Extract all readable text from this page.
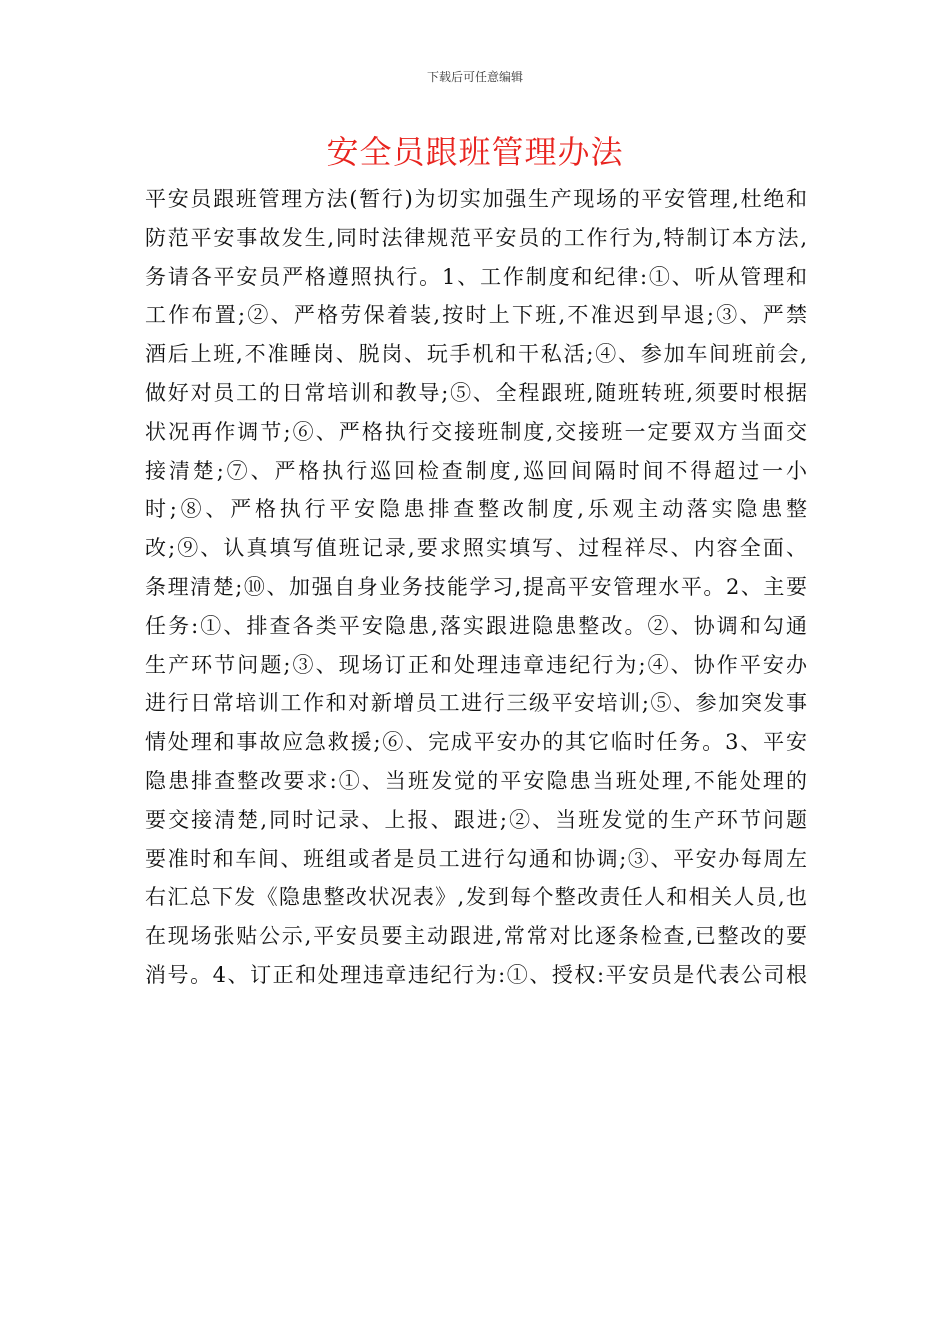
下载后可任意编辑
安全员跟班管理办法
平安员跟班管理方法(暂行)为切实加强生产现场的平安管理,杜绝和
防范平安事故发生,同时法律规范平安员的工作行为,特制订本方法,
务请各平安员严格遵照执行。1、工作制度和纪律:①、听从管理和
工作布置;②、严格劳保着装,按时上下班,不准迟到早退;③、严禁
酒后上班,不准睡岗、脱岗、玩手机和干私活;④、参加车间班前会,
做好对员工的日常培训和教导;⑤、全程跟班,随班转班,须要时根据
状况再作调节;⑥、严格执行交接班制度,交接班一定要双方当面交
接清楚;⑦、严格执行巡回检查制度,巡回间隔时间不得超过一小
时;⑧、严格执行平安隐患排查整改制度,乐观主动落实隐患整
改;⑨、认真填写值班记录,要求照实填写、过程祥尽、内容全面、
条理清楚;⑩、加强自身业务技能学习,提高平安管理水平。2、主要
任务:①、排查各类平安隐患,落实跟进隐患整改。②、协调和勾通
生产环节问题;③、现场订正和处理违章违纪行为;④、协作平安办
进行日常培训工作和对新增员工进行三级平安培训;⑤、参加突发事
情处理和事故应急救援;⑥、完成平安办的其它临时任务。3、平安
隐患排查整改要求:①、当班发觉的平安隐患当班处理,不能处理的
要交接清楚,同时记录、上报、跟进;②、当班发觉的生产环节问题
要准时和车间、班组或者是员工进行勾通和协调;③、平安办每周左
右汇总下发《隐患整改状况表》,发到每个整改责任人和相关人员,也
在现场张贴公示,平安员要主动跟进,常常对比逐条检查,已整改的要
消号。4、订正和处理违章违纪行为:①、授权:平安员是代表公司根
